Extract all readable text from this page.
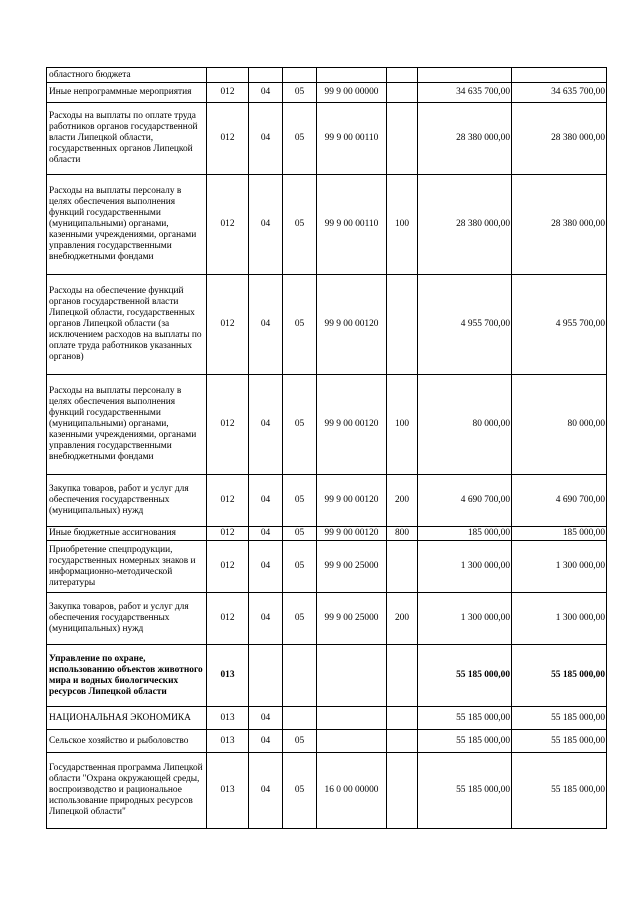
областного бюджета							
Иные непрограммные мероприятия	012	04	05	99 9 00 00000		34 635 700,00	34 635 700,00
Расходы на выплаты по оплате труда работников органов государственной власти Липецкой области, государственных органов Липецкой области	012	04	05	99 9 00 00110		28 380 000,00	28 380 000,00
Расходы на выплаты персоналу в целях обеспечения выполнения функций государственными (муниципальными) органами, казенными учреждениями, органами управления государственными внебюджетными фондами	012	04	05	99 9 00 00110	100	28 380 000,00	28 380 000,00
Расходы на обеспечение функций органов государственной власти Липецкой области, государственных органов Липецкой области (за исключением расходов на выплаты по оплате труда работников указанных органов)	012	04	05	99 9 00 00120		4 955 700,00	4 955 700,00
Расходы на выплаты персоналу в целях обеспечения выполнения функций государственными (муниципальными) органами, казенными учреждениями, органами управления государственными внебюджетными фондами	012	04	05	99 9 00 00120	100	80 000,00	80 000,00
Закупка товаров, работ и услуг для обеспечения государственных (муниципальных) нужд	012	04	05	99 9 00 00120	200	4 690 700,00	4 690 700,00
Иные бюджетные ассигнования	012	04	05	99 9 00 00120	800	185 000,00	185 000,00
Приобретение спецпродукции, государственных номерных знаков и информационно-методической литературы	012	04	05	99 9 00 25000		1 300 000,00	1 300 000,00
Закупка товаров, работ и услуг для обеспечения государственных (муниципальных) нужд	012	04	05	99 9 00 25000	200	1 300 000,00	1 300 000,00
Управление по охране, использованию объектов животного мира и водных биологических ресурсов Липецкой области	013					55 185 000,00	55 185 000,00
НАЦИОНАЛЬНАЯ ЭКОНОМИКА	013	04				55 185 000,00	55 185 000,00
Сельское хозяйство и рыболовство	013	04	05			55 185 000,00	55 185 000,00
Государственная программа Липецкой области "Охрана окружающей среды, воспроизводство и рациональное использование природных ресурсов Липецкой области"	013	04	05	16 0 00 00000		55 185 000,00	55 185 000,00
